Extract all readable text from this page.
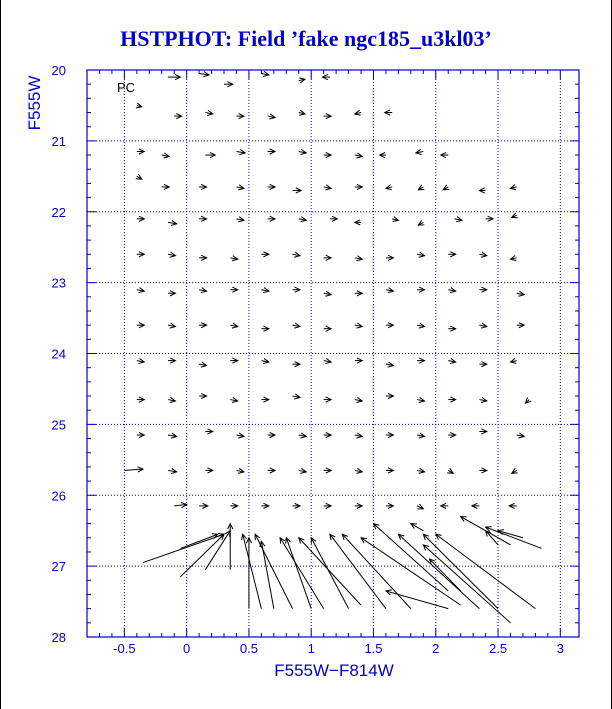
HSTPHOT: Field ’fake ngc185_u3kl03’
-0.5	0	0.5	1	1.5	2	2.5	3
20
21
22
23
24
25
26
27
28
F555W−F814W
F555W	PC
